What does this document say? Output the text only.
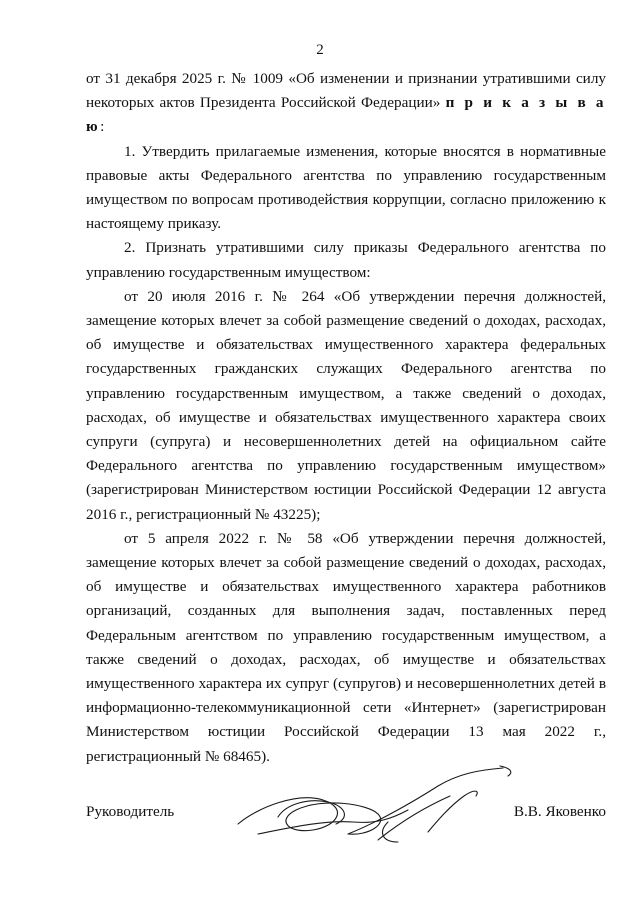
2

от 31 декабря 2025 г. № 1009 «Об изменении и признании утратившими силу некоторых актов Президента Российской Федерации» п р и к а з ы в а ю:

1. Утвердить прилагаемые изменения, которые вносятся в нормативные правовые акты Федерального агентства по управлению государственным имуществом по вопросам противодействия коррупции, согласно приложению к настоящему приказу.

2. Признать утратившими силу приказы Федерального агентства по управлению государственным имуществом:

от 20 июля 2016 г. № 264 «Об утверждении перечня должностей, замещение которых влечет за собой размещение сведений о доходах, расходах, об имуществе и обязательствах имущественного характера федеральных государственных гражданских служащих Федерального агентства по управлению государственным имуществом, а также сведений о доходах, расходах, об имуществе и обязательствах имущественного характера своих супруги (супруга) и несовершеннолетних детей на официальном сайте Федерального агентства по управлению государственным имуществом» (зарегистрирован Министерством юстиции Российской Федерации 12 августа 2016 г., регистрационный № 43225);

от 5 апреля 2022 г. № 58 «Об утверждении перечня должностей, замещение которых влечет за собой размещение сведений о доходах, расходах, об имуществе и обязательствах имущественного характера работников организаций, созданных для выполнения задач, поставленных перед Федеральным агентством по управлению государственным имуществом, а также сведений о доходах, расходах, об имуществе и обязательствах имущественного характера их супруг (супругов) и несовершеннолетних детей в информационно-телекоммуникационной сети «Интернет» (зарегистрирован Министерством юстиции Российской Федерации 13 мая 2022 г., регистрационный № 68465).

Руководитель	В.В. Яковенко
